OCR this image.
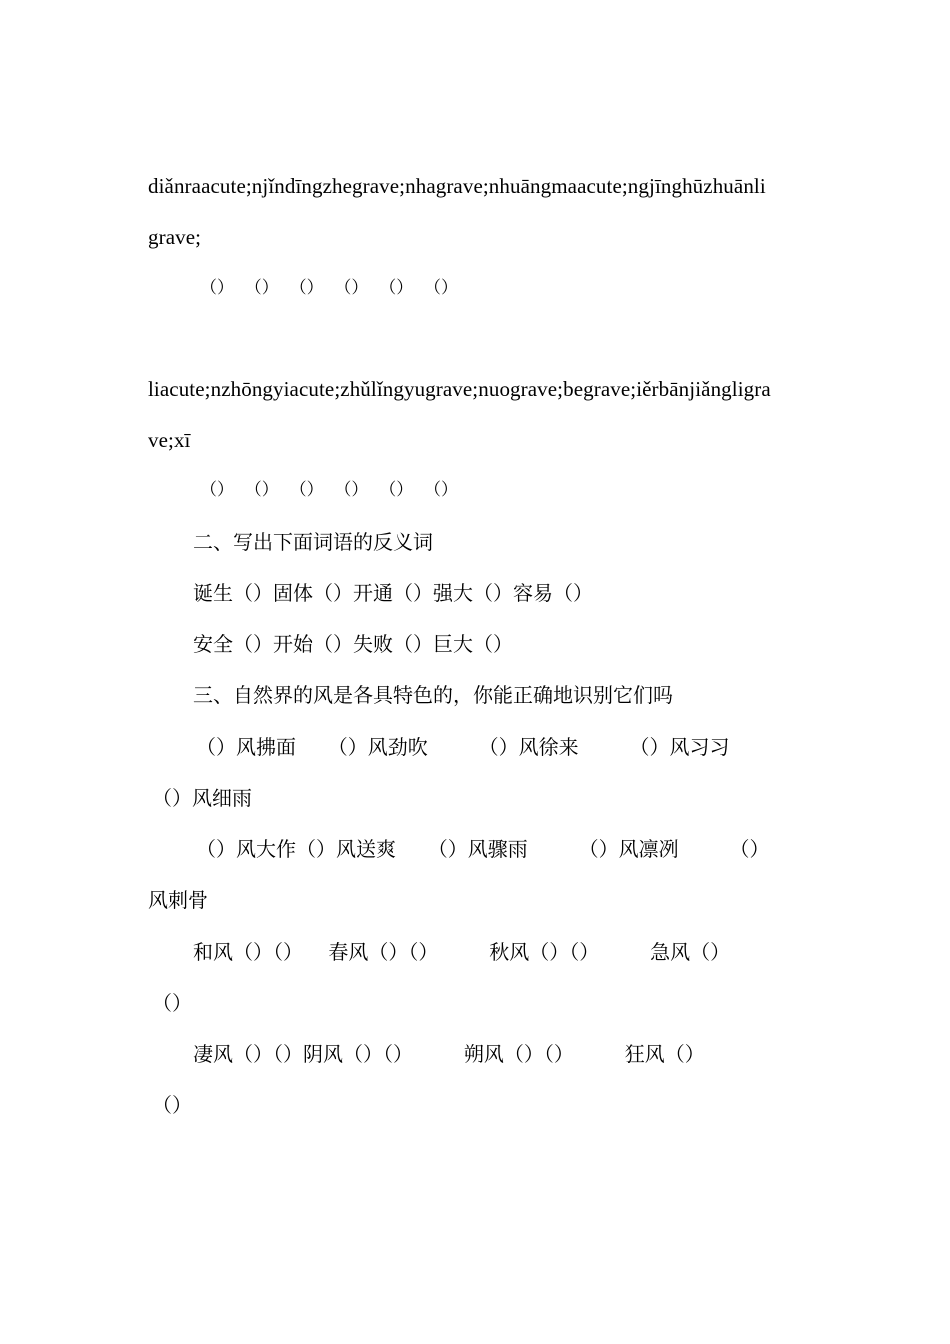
diǎnraacute;njǐndīngzhegrave;nhagrave;nhuāngmaacute;ngjīnghūzhuānli
grave;
（）  （）  （）  （）  （）  （）
liacute;nzhōngyiacute;zhǔlǐngyugrave;nuograve;begrave;iěrbānjiǎngligra
ve;xī
（）  （）  （）  （）  （）  （）
二、写出下面词语的反义词
诞生（）固体（）开通（）强大（）容易（）
安全（）开始（）失败（）巨大（）
三、自然界的风是各具特色的，你能正确地识别它们吗
（）风拂面     （）风劲吹        （）风徐来        （）风习习
（）风细雨
（）风大作（）风送爽     （）风骤雨        （）风凛冽        （）
风刺骨
和风（）（）    春风（）（）        秋风（）（）        急风（）
（）
凄风（）（）阴风（）（）        朔风（）（）        狂风（）
（）
